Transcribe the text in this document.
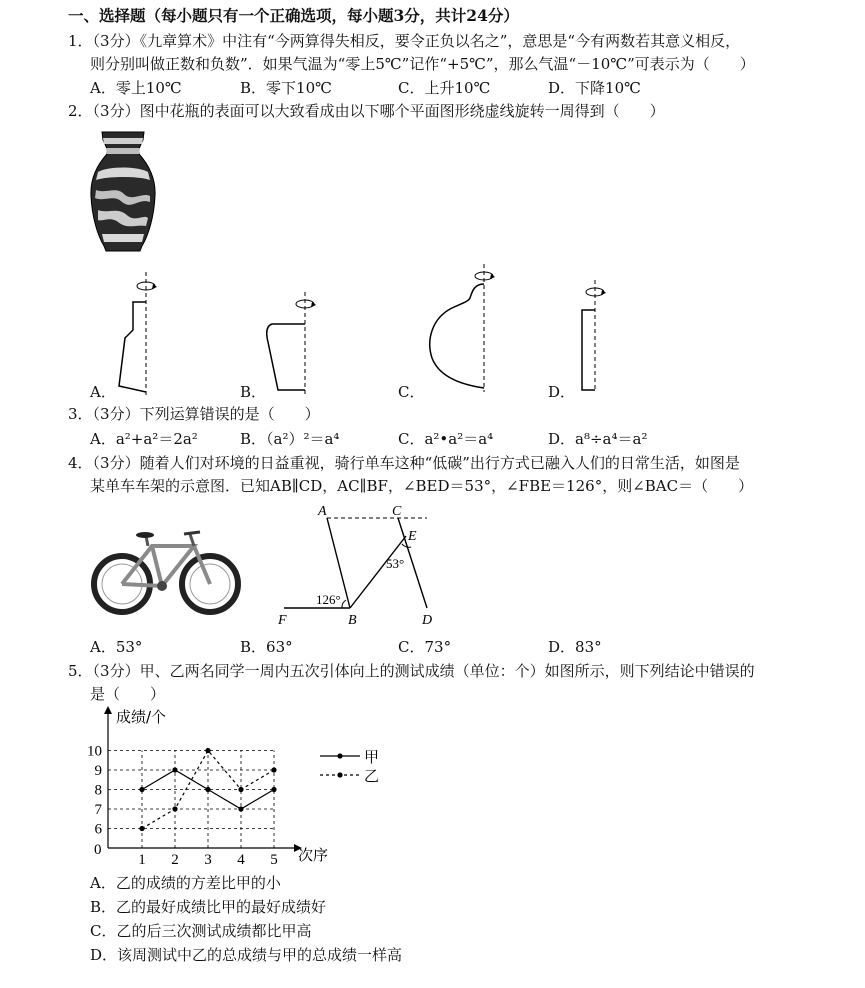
一、选择题（每小题只有一个正确选项，每小题3分，共计24分）
1．（3分）《九章算术》中注有“今两算得失相反，要令正负以名之”，意思是“今有两数若其意义相反，
则分别叫做正数和负数”．如果气温为“零上5℃”记作“+5℃”，那么气温“－10℃”可表示为（　　）
A．零上10℃	B．零下10℃	C．上升10℃	D．下降10℃
2．（3分）图中花瓶的表面可以大致看成由以下哪个平面图形绕虚线旋转一周得到（　　）
A．	B．	C．	D．
3．（3分）下列运算错误的是（　　）
A．a²+a²＝2a²	B．（a²）²＝a⁴	C．a²•a²＝a⁴	D．a⁸÷a⁴＝a²
4．（3分）随着人们对环境的日益重视，骑行单车这种“低碳”出行方式已融入人们的日常生活，如图是
某单车车架的示意图．已知AB∥CD，AC∥BF，∠BED＝53°，∠FBE＝126°，则∠BAC＝（　　）
A	C
E
F	B	D
126°
53°
A．53°	B．63°	C．73°	D．83°
5．（3分）甲、乙两名同学一周内五次引体向上的测试成绩（单位：个）如图所示，则下列结论中错误的
是（　　）
成绩/个
次序
0
6
7
8
9
10
1 2 3 4 5
甲
乙
A．乙的成绩的方差比甲的小
B．乙的最好成绩比甲的最好成绩好
C．乙的后三次测试成绩都比甲高
D．该周测试中乙的总成绩与甲的总成绩一样高
